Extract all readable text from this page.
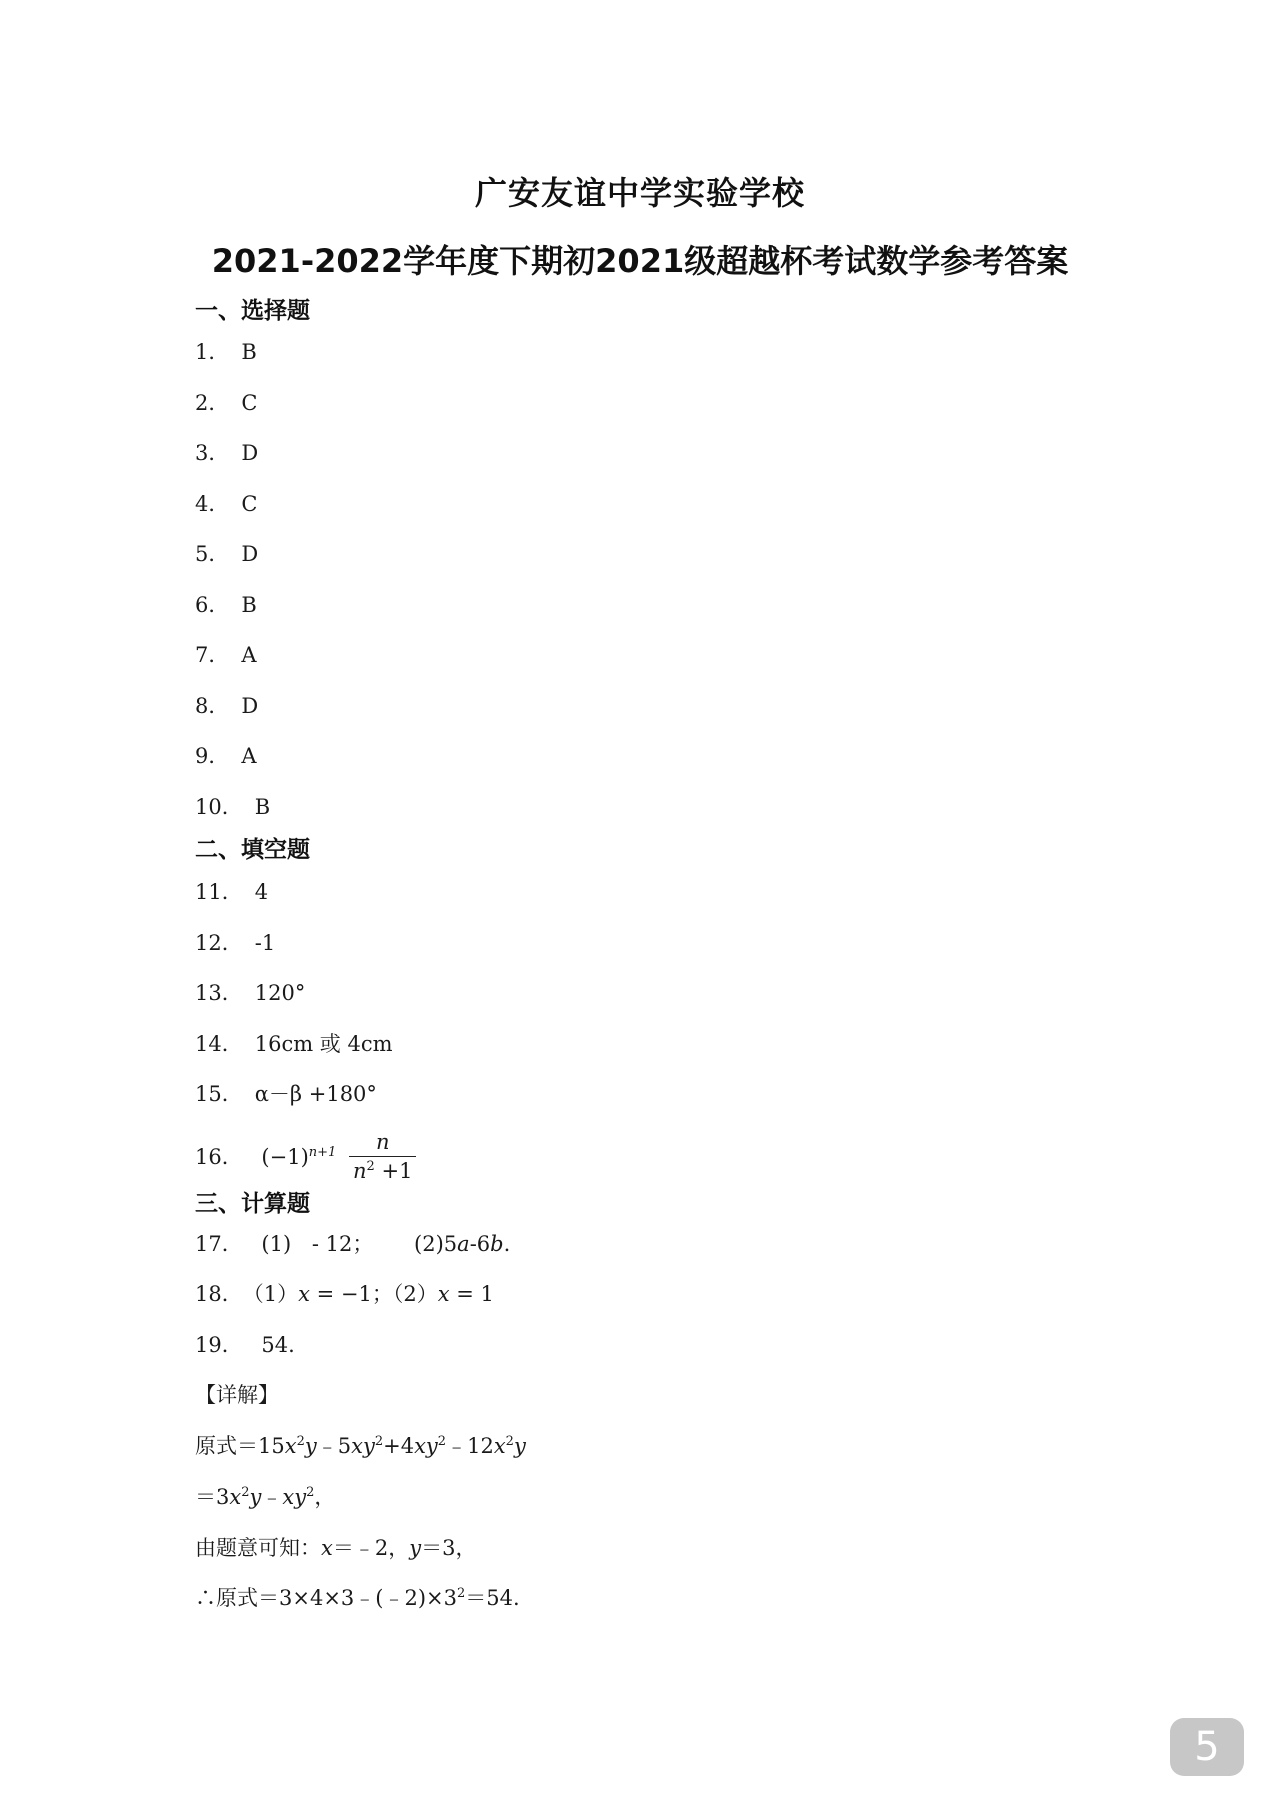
广安友谊中学实验学校
2021-2022学年度下期初2021级超越杯考试数学参考答案
一、选择题
1． B
2． C
3． D
4． C
5． D
6． B
7． A
8． D
9． A
10． B
二、填空题
11． 4
12． -1
13． 120°
14． 16cm 或 4cm
15． α－β +180°
16． $(-1)^{n+1} \frac{n}{n^2 +1}$
三、计算题
17． (1) - 12； (2)5a-6b.
18．（1）x = −1；（2）x = 1
19． 54.
【详解】
原式$=15x^2y﹣5xy^2+4xy^2﹣12x^2y$
$=3x^2y﹣xy^2$，
由题意可知：x＝﹣2，y＝3，
∴原式$=3\times 4\times 3﹣(﹣2)\times 3^2=54$.
5
